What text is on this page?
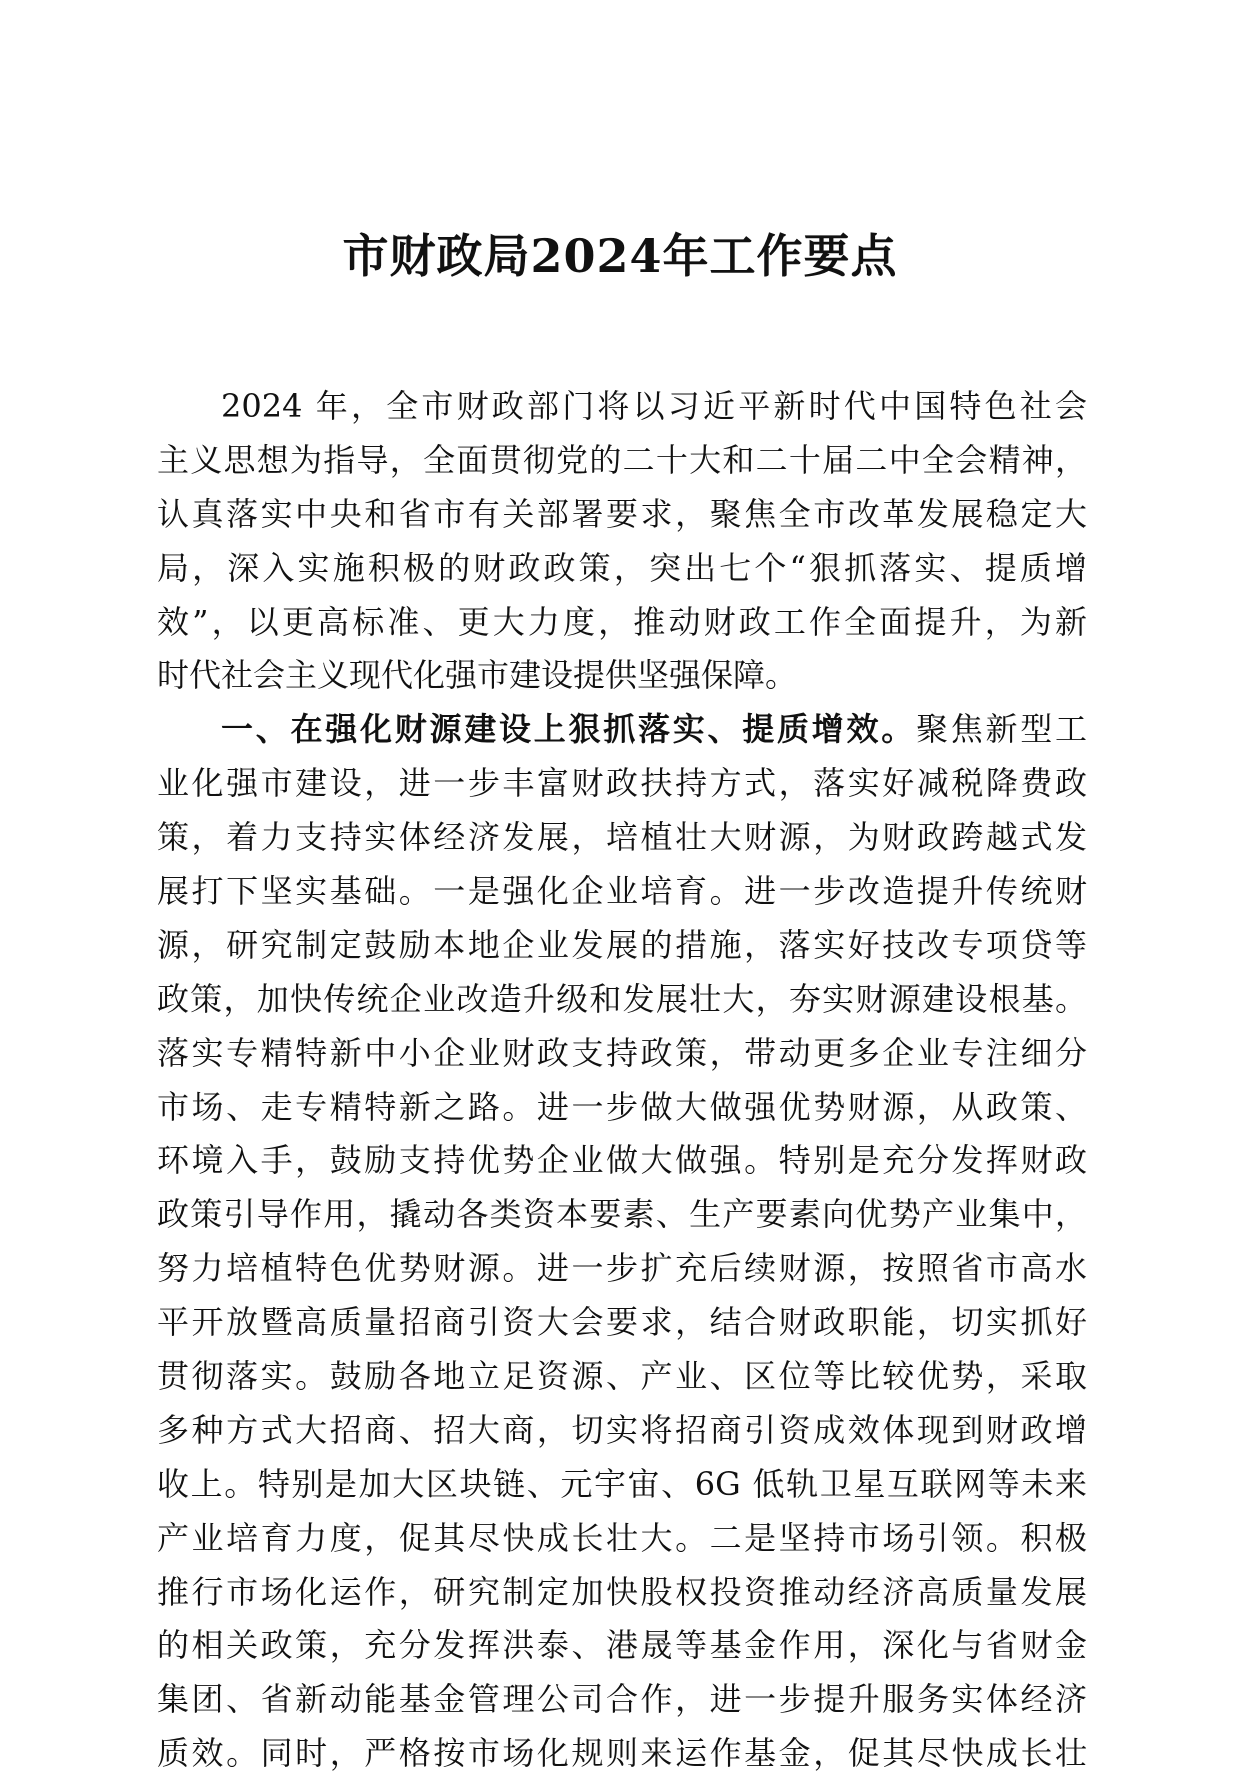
市财政局2024年工作要点
2024 年，全市财政部门将以习近平新时代中国特色社会
主义思想为指导，全面贯彻党的二十大和二十届二中全会精神，
认真落实中央和省市有关部署要求，聚焦全市改革发展稳定大
局，深入实施积极的财政政策，突出七个“狠抓落实、提质增
效”，以更高标准、更大力度，推动财政工作全面提升，为新
时代社会主义现代化强市建设提供坚强保障。
一、在强化财源建设上狠抓落实、提质增效。聚焦新型工
业化强市建设，进一步丰富财政扶持方式，落实好减税降费政
策，着力支持实体经济发展，培植壮大财源，为财政跨越式发
展打下坚实基础。一是强化企业培育。进一步改造提升传统财
源，研究制定鼓励本地企业发展的措施，落实好技改专项贷等
政策，加快传统企业改造升级和发展壮大，夯实财源建设根基。
落实专精特新中小企业财政支持政策，带动更多企业专注细分
市场、走专精特新之路。进一步做大做强优势财源，从政策、
环境入手，鼓励支持优势企业做大做强。特别是充分发挥财政
政策引导作用，撬动各类资本要素、生产要素向优势产业集中，
努力培植特色优势财源。进一步扩充后续财源，按照省市高水
平开放暨高质量招商引资大会要求，结合财政职能，切实抓好
贯彻落实。鼓励各地立足资源、产业、区位等比较优势，采取
多种方式大招商、招大商，切实将招商引资成效体现到财政增
收上。特别是加大区块链、元宇宙、6G 低轨卫星互联网等未来
产业培育力度，促其尽快成长壮大。二是坚持市场引领。积极
推行市场化运作，研究制定加快股权投资推动经济高质量发展
的相关政策，充分发挥洪泰、港晟等基金作用，深化与省财金
集团、省新动能基金管理公司合作，进一步提升服务实体经济
质效。同时，严格按市场化规则来运作基金，促其尽快成长壮
